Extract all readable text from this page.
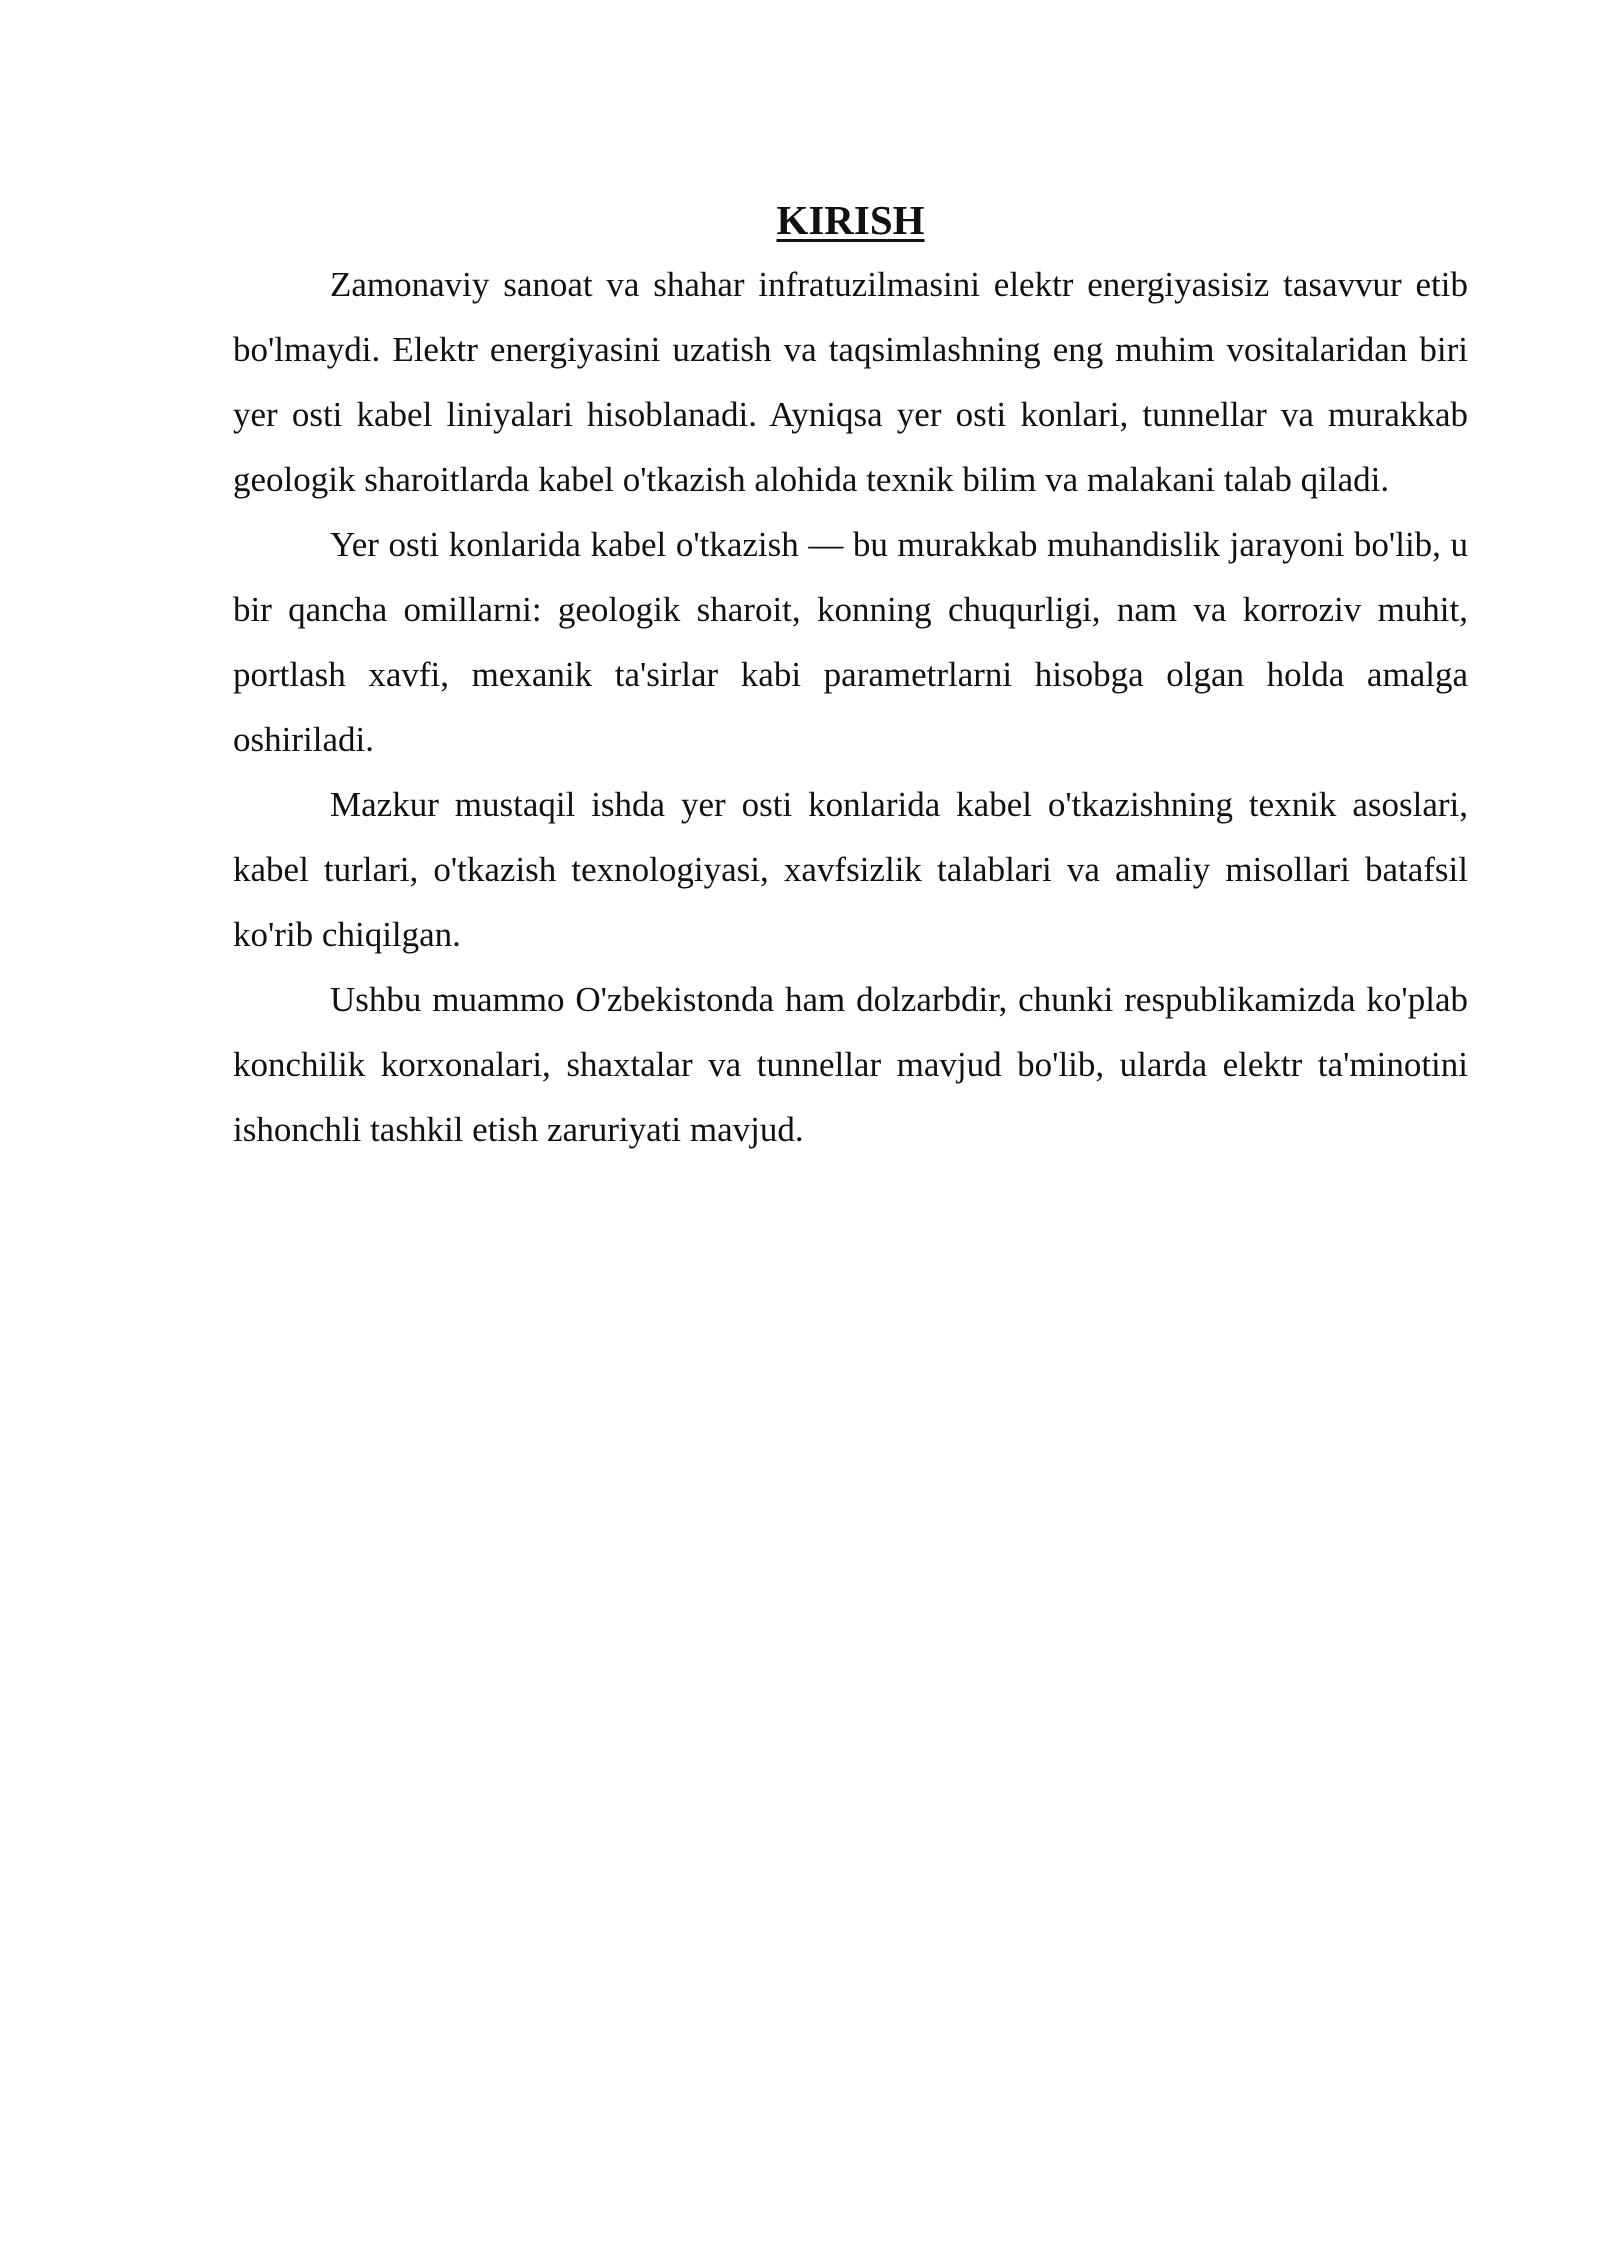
KIRISH

Zamonaviy sanoat va shahar infratuzilmasini elektr energiyasisiz tasavvur etib bo'lmaydi. Elektr energiyasini uzatish va taqsimlashning eng muhim vositalaridan biri yer osti kabel liniyalari hisoblanadi. Ayniqsa yer osti konlari, tunnellar va murakkab geologik sharoitlarda kabel o'tkazish alohida texnik bilim va malakani talab qiladi.

Yer osti konlarida kabel o'tkazish — bu murakkab muhandislik jarayoni bo'lib, u bir qancha omillarni: geologik sharoit, konning chuqurligi, nam va korroziv muhit, portlash xavfi, mexanik ta'sirlar kabi parametrlarni hisobga olgan holda amalga oshiriladi.

Mazkur mustaqil ishda yer osti konlarida kabel o'tkazishning texnik asoslari, kabel turlari, o'tkazish texnologiyasi, xavfsizlik talablari va amaliy misollari batafsil ko'rib chiqilgan.

Ushbu muammo O'zbekistonda ham dolzarbdir, chunki respublikamizda ko'plab konchilik korxonalari, shaxtalar va tunnellar mavjud bo'lib, ularda elektr ta'minotini ishonchli tashkil etish zaruriyati mavjud.
